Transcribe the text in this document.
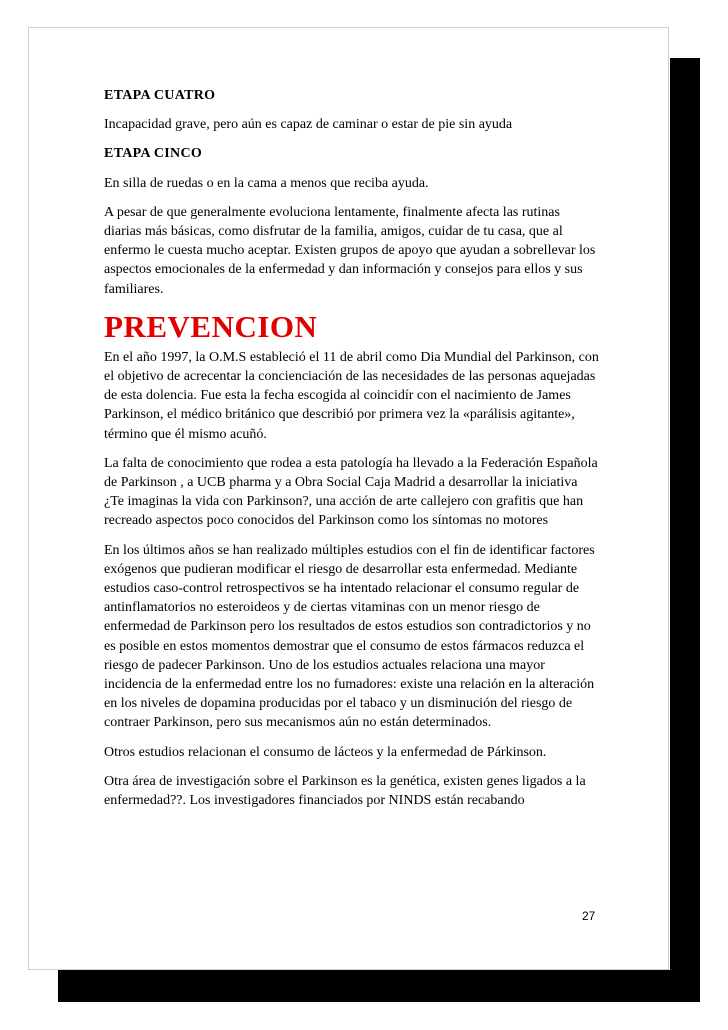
ETAPA CUATRO

Incapacidad grave, pero aún es capaz de caminar o estar de pie sin ayuda

ETAPA CINCO

En silla de ruedas o en la cama a menos que reciba ayuda.

A pesar de que generalmente evoluciona lentamente, finalmente afecta las rutinas diarias más básicas, como disfrutar de la familia, amigos, cuidar de tu casa, que al enfermo le cuesta mucho aceptar. Existen grupos de apoyo que ayudan a sobrellevar los aspectos emocionales de la enfermedad y dan información y consejos para ellos y sus familiares.

PREVENCION

En el año 1997, la O.M.S estableció el 11 de abril como Dia Mundial del Parkinson, con el objetivo de acrecentar la concienciación de las necesidades de las personas aquejadas de esta dolencia. Fue esta la fecha escogida al coincidír con el nacimiento de James Parkinson, el médico británico que describió por primera vez la «parálisis agitante», término que él mismo acuñó.

La falta de conocimiento que rodea a esta patología ha llevado a la Federación Española de Parkinson , a UCB pharma y a Obra Social Caja Madrid a desarrollar la iniciativa ¿Te imaginas la vida con Parkinson?, una acción de arte callejero con grafitis que han recreado aspectos poco conocidos del Parkinson como los síntomas no motores

En los últimos años se han realizado múltiples estudios con el fin de identificar factores exógenos que pudieran modificar el riesgo de desarrollar esta enfermedad. Mediante estudios caso-control retrospectivos se ha intentado relacionar el consumo regular de antinflamatorios no esteroideos y de ciertas vitaminas con un menor riesgo de enfermedad de Parkinson pero los resultados de estos estudios son contradictorios y no es posible en estos momentos demostrar que el consumo de estos fármacos reduzca el riesgo de padecer Parkinson. Uno de los estudios actuales relaciona una mayor incidencia de la enfermedad entre los no fumadores: existe una relación en la alteración en los niveles de dopamina producidas por el tabaco y un disminución del riesgo de contraer Parkinson, pero sus mecanismos aún no están determinados.

Otros estudios relacionan el consumo de lácteos y la enfermedad de Párkinson.

Otra área de investigación sobre el Parkinson es la genética, existen genes ligados a la enfermedad??. Los investigadores financiados por NINDS están recabando

27
